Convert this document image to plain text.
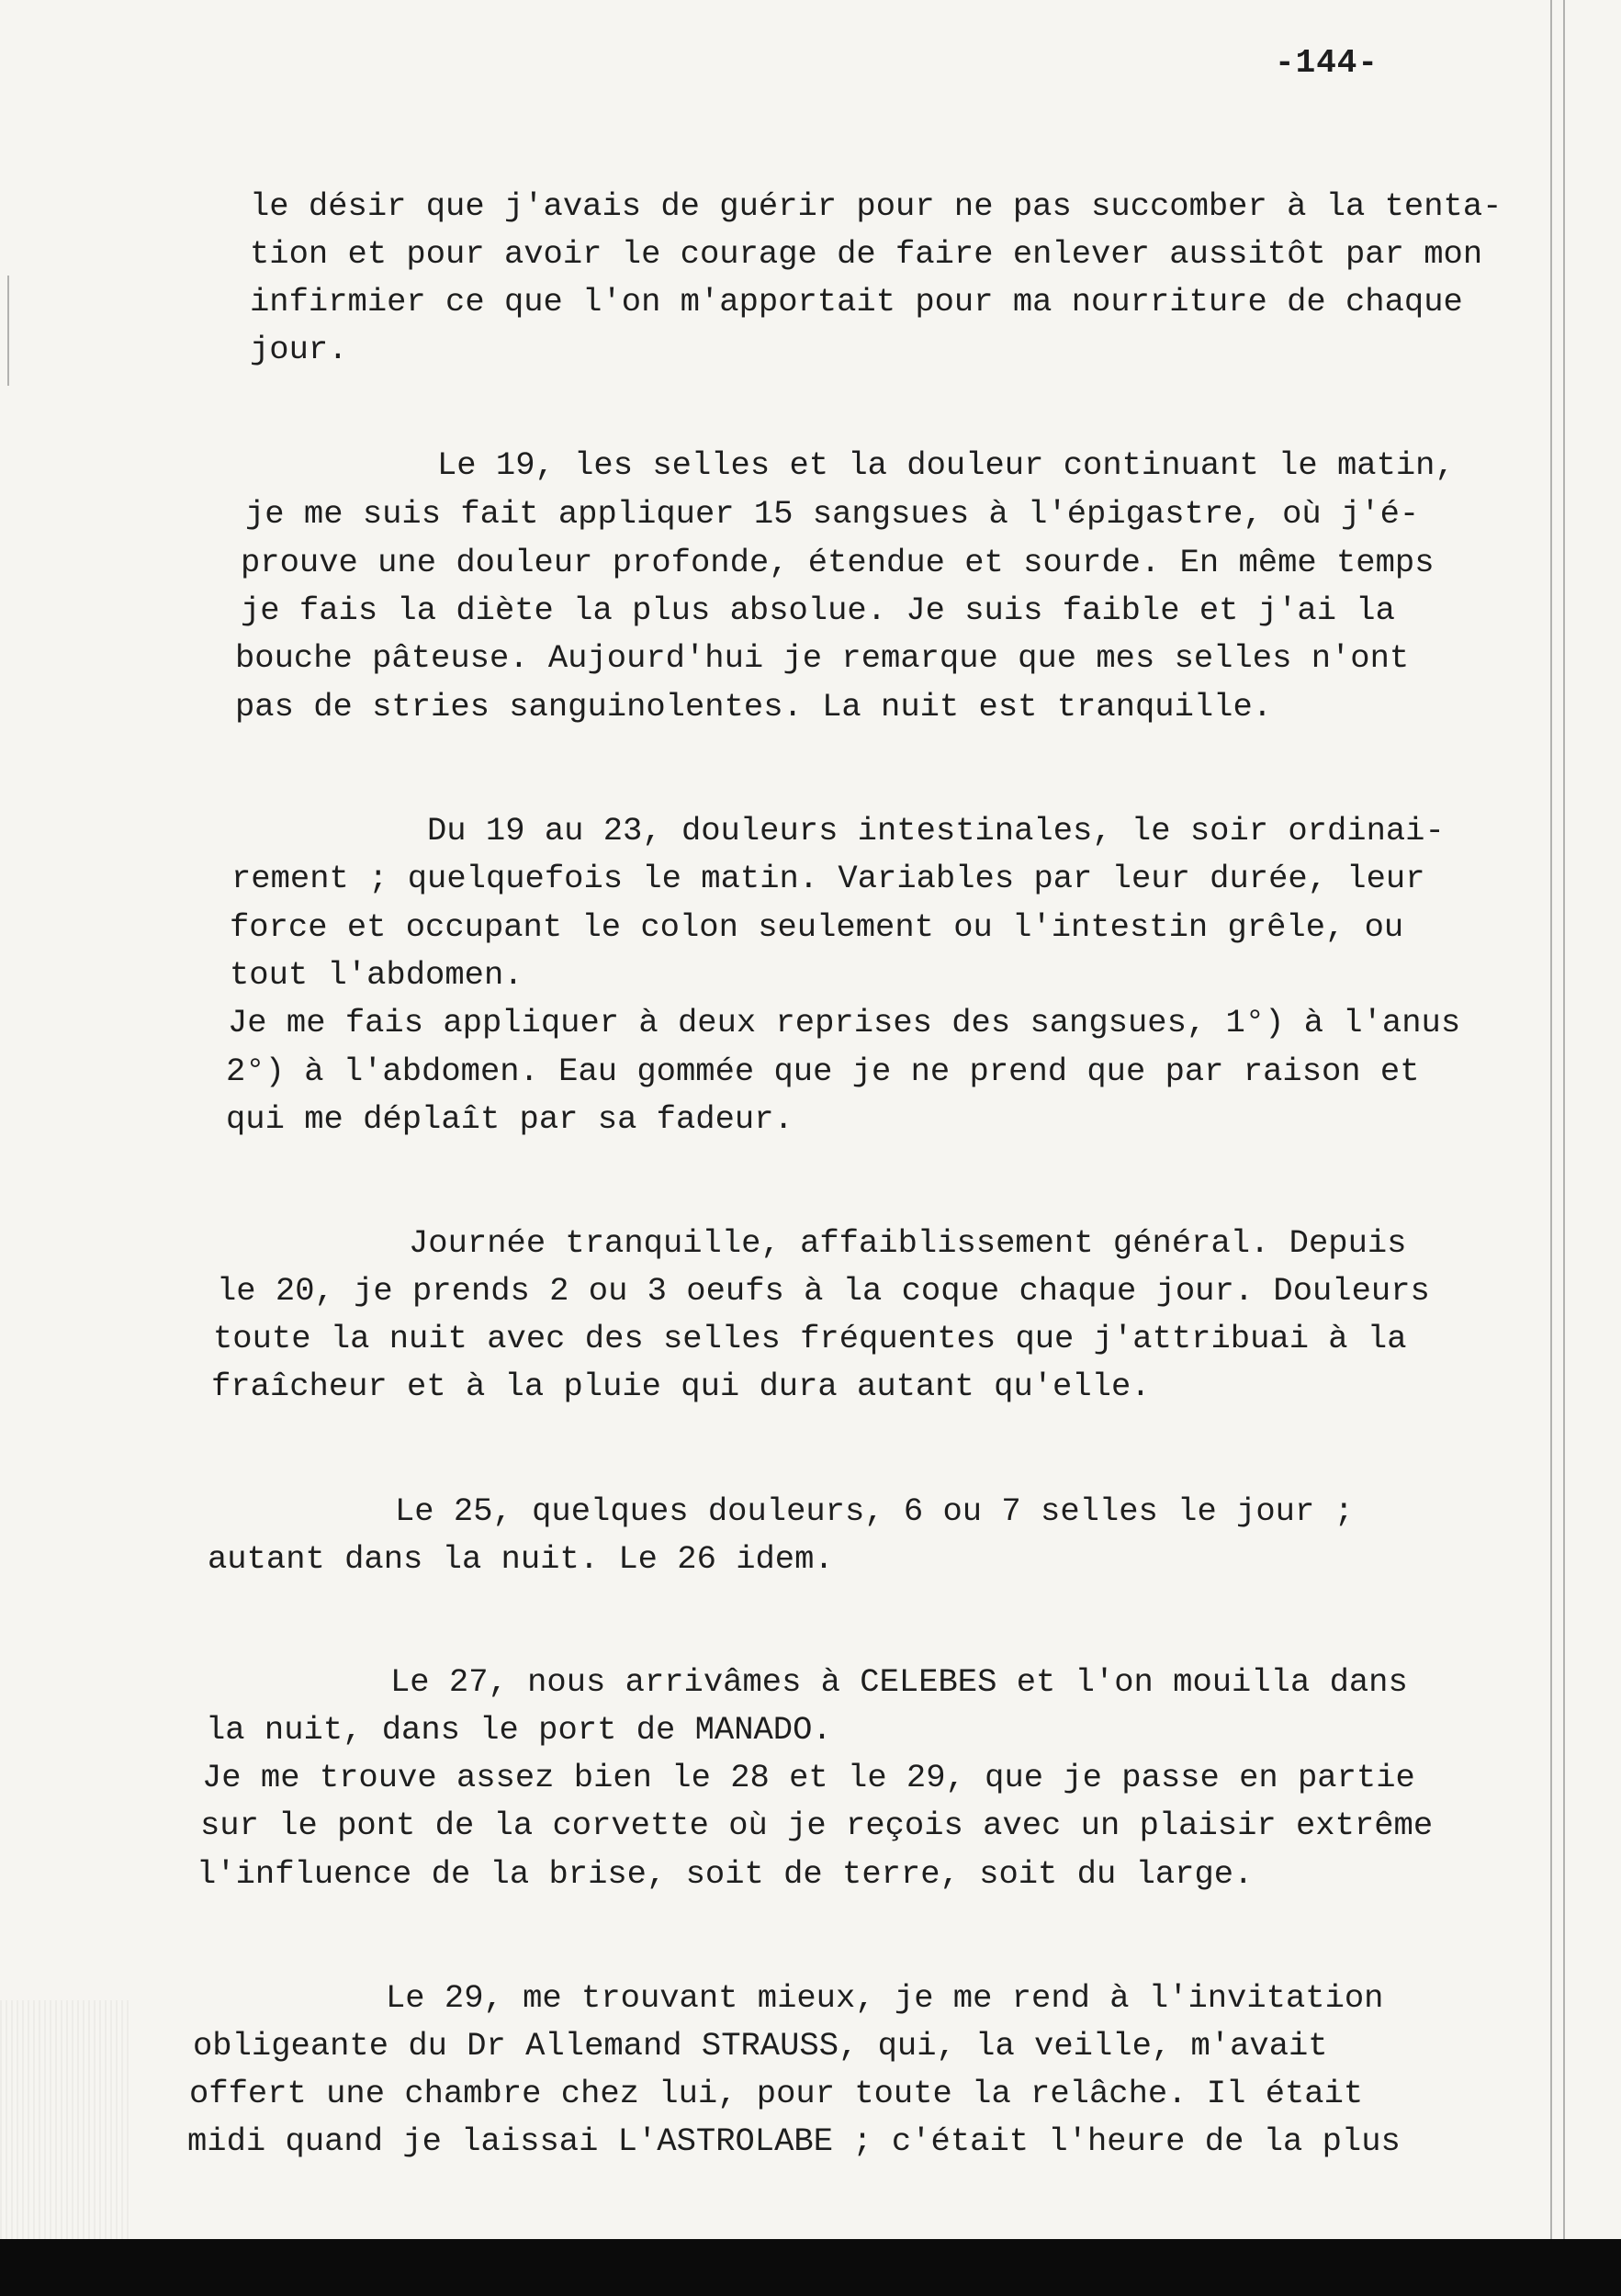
-144-
le désir que j'avais de guérir pour ne pas succomber à la tenta-
tion et pour avoir le courage de faire enlever aussitôt par mon
infirmier ce que l'on m'apportait pour ma nourriture de chaque
jour.
Le 19, les selles et la douleur continuant le matin,
je me suis fait appliquer 15 sangsues à l'épigastre, où j'é-
prouve une douleur profonde, étendue et sourde. En même temps
je fais la diète la plus absolue. Je suis faible et j'ai la
bouche pâteuse. Aujourd'hui je remarque que mes selles n'ont
pas de stries sanguinolentes. La nuit est tranquille.
Du 19 au 23, douleurs intestinales, le soir ordinai-
rement ; quelquefois le matin. Variables par leur durée, leur
force et occupant le colon seulement ou l'intestin grêle, ou
tout l'abdomen.
Je me fais appliquer à deux reprises des sangsues, 1°) à l'anus
2°) à l'abdomen. Eau gommée que je ne prend que par raison et
qui me déplaît par sa fadeur.
Journée tranquille, affaiblissement général. Depuis
le 20, je prends 2 ou 3 oeufs à la coque chaque jour. Douleurs
toute la nuit avec des selles fréquentes que j'attribuai à la
fraîcheur et à la pluie qui dura autant qu'elle.
Le 25, quelques douleurs, 6 ou 7 selles le jour ;
autant dans la nuit. Le 26 idem.
Le 27, nous arrivâmes à CELEBES et l'on mouilla dans
la nuit, dans le port de MANADO.
Je me trouve assez bien le 28 et le 29, que je passe en partie
sur le pont de la corvette où je reçois avec un plaisir extrême
l'influence de la brise, soit de terre, soit du large.
Le 29, me trouvant mieux, je me rend à l'invitation
obligeante du Dr Allemand STRAUSS, qui, la veille, m'avait
offert une chambre chez lui, pour toute la relâche. Il était
midi quand je laissai L'ASTROLABE ; c'était l'heure de la plus
